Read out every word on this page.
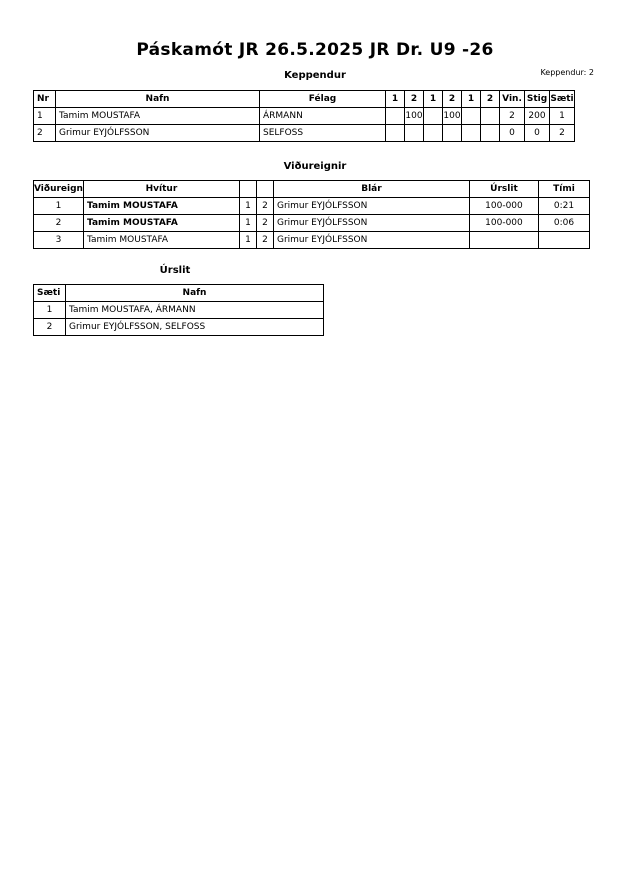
Páskamót JR 26.5.2025 JR Dr. U9 -26
Keppendur	Keppendur: 2
Nr	Nafn	Félag	1	2	1	2	1	2	Vin.	Stig	Sæti
1	Tamim MOUSTAFA	ÁRMANN		100		100			2	200	1
2	Grimur EYJÓLFSSON	SELFOSS							0	0	2
Viðureignir
Viðureign	Hvítur			Blár	Úrslit	Tími
1	Tamim MOUSTAFA	1	2	Grimur EYJÓLFSSON	100-000	0:21
2	Tamim MOUSTAFA	1	2	Grimur EYJÓLFSSON	100-000	0:06
3	Tamim MOUSTAFA	1	2	Grimur EYJÓLFSSON		
Úrslit
Sæti	Nafn
1	Tamim MOUSTAFA, ÁRMANN
2	Grimur EYJÓLFSSON, SELFOSS
